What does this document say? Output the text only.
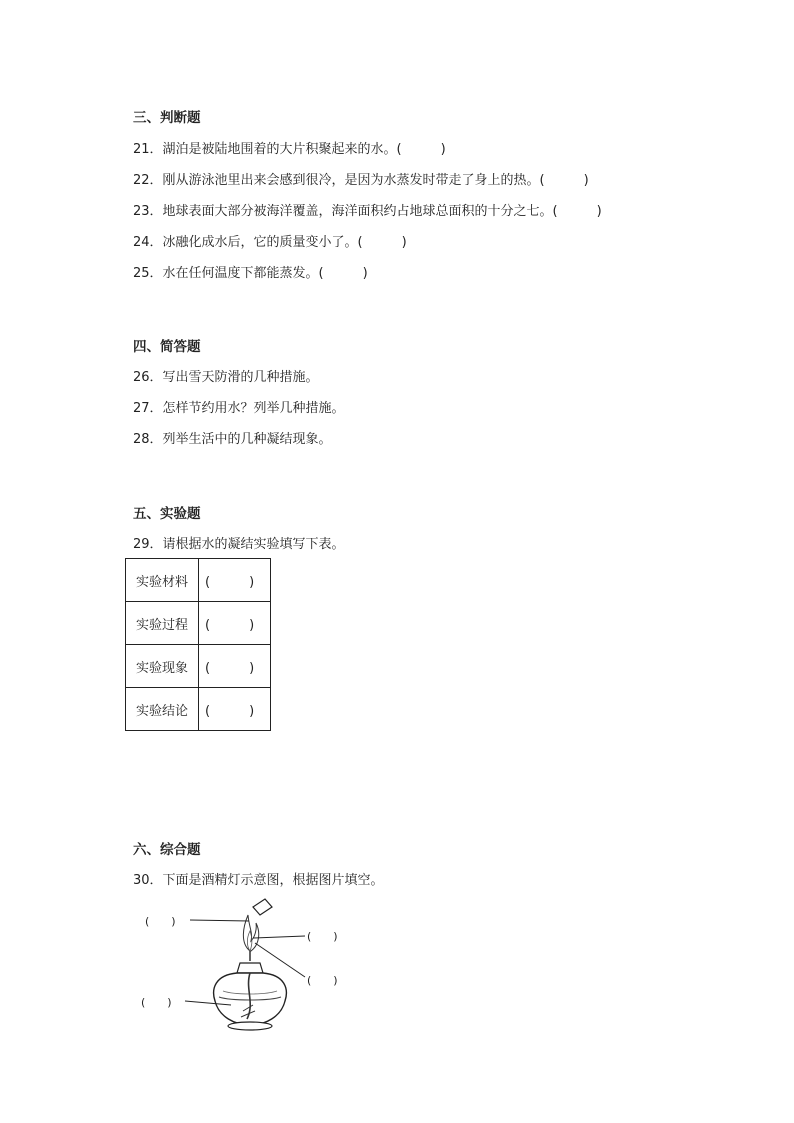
三、判断题
21．湖泊是被陆地围着的大片积聚起来的水。(　　　)
22．刚从游泳池里出来会感到很冷，是因为水蒸发时带走了身上的热。(　　　)
23．地球表面大部分被海洋覆盖，海洋面积约占地球总面积的十分之七。(　　　)
24．冰融化成水后，它的质量变小了。(　　　)
25．水在任何温度下都能蒸发。(　　　)
四、简答题
26．写出雪天防滑的几种措施。
27．怎样节约用水？列举几种措施。
28．列举生活中的几种凝结现象。
五、实验题
29．请根据水的凝结实验填写下表。
实验材料	(　　　)
实验过程	(　　　)
实验现象	(　　　)
实验结论	(　　　)
六、综合题
30．下面是酒精灯示意图，根据图片填空。
(　　)
(　　)
(　　)
(　　)
